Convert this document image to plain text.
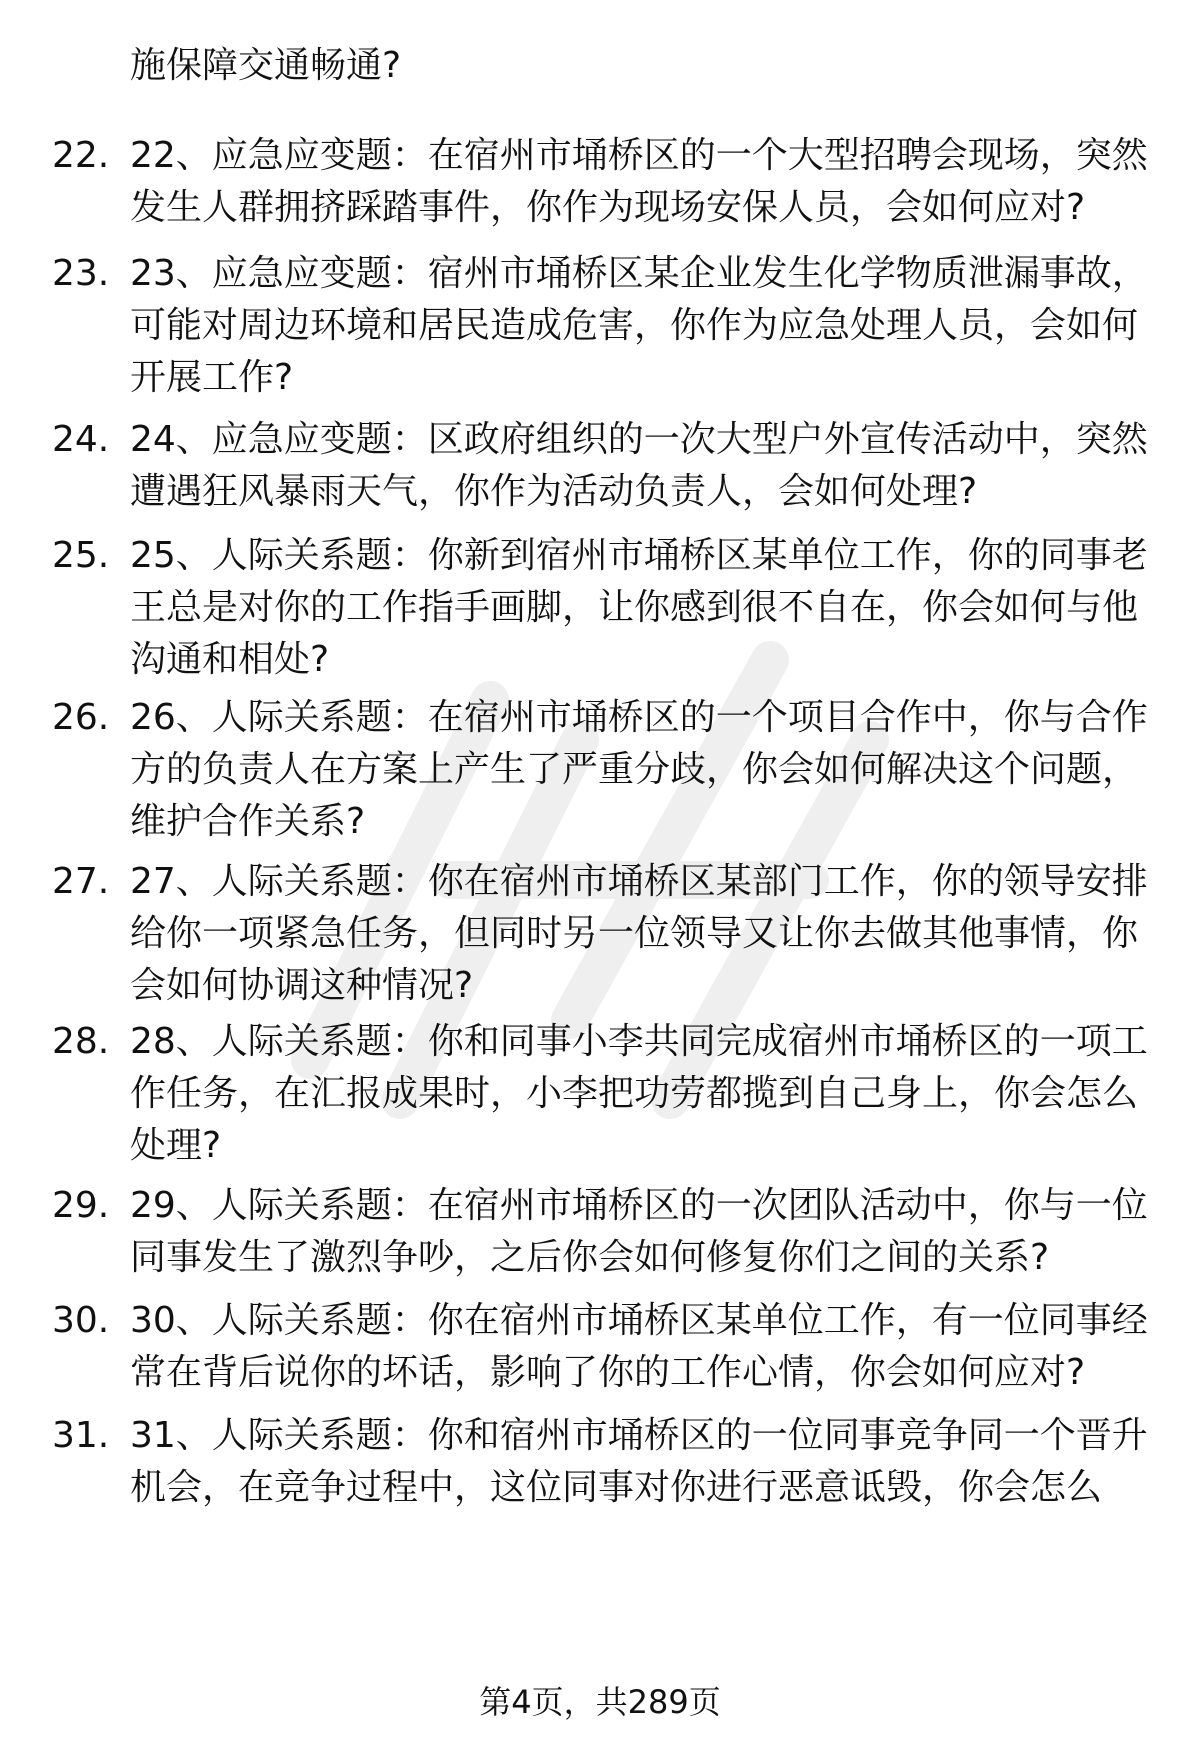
施保障交通畅通?
22. 22、应急应变题：在宿州市埇桥区的一个大型招聘会现场，突然
发生人群拥挤踩踏事件，你作为现场安保人员，会如何应对?
23. 23、应急应变题：宿州市埇桥区某企业发生化学物质泄漏事故，
可能对周边环境和居民造成危害，你作为应急处理人员，会如何
开展工作?
24. 24、应急应变题：区政府组织的一次大型户外宣传活动中，突然
遭遇狂风暴雨天气，你作为活动负责人，会如何处理?
25. 25、人际关系题：你新到宿州市埇桥区某单位工作，你的同事老
王总是对你的工作指手画脚，让你感到很不自在，你会如何与他
沟通和相处?
26. 26、人际关系题：在宿州市埇桥区的一个项目合作中，你与合作
方的负责人在方案上产生了严重分歧，你会如何解决这个问题，
维护合作关系?
27. 27、人际关系题：你在宿州市埇桥区某部门工作，你的领导安排
给你一项紧急任务，但同时另一位领导又让你去做其他事情，你
会如何协调这种情况?
28. 28、人际关系题：你和同事小李共同完成宿州市埇桥区的一项工
作任务，在汇报成果时，小李把功劳都揽到自己身上，你会怎么
处理?
29. 29、人际关系题：在宿州市埇桥区的一次团队活动中，你与一位
同事发生了激烈争吵，之后你会如何修复你们之间的关系?
30. 30、人际关系题：你在宿州市埇桥区某单位工作，有一位同事经
常在背后说你的坏话，影响了你的工作心情，你会如何应对?
31. 31、人际关系题：你和宿州市埇桥区的一位同事竞争同一个晋升
机会，在竞争过程中，这位同事对你进行恶意诋毁，你会怎么
第4页，共289页
